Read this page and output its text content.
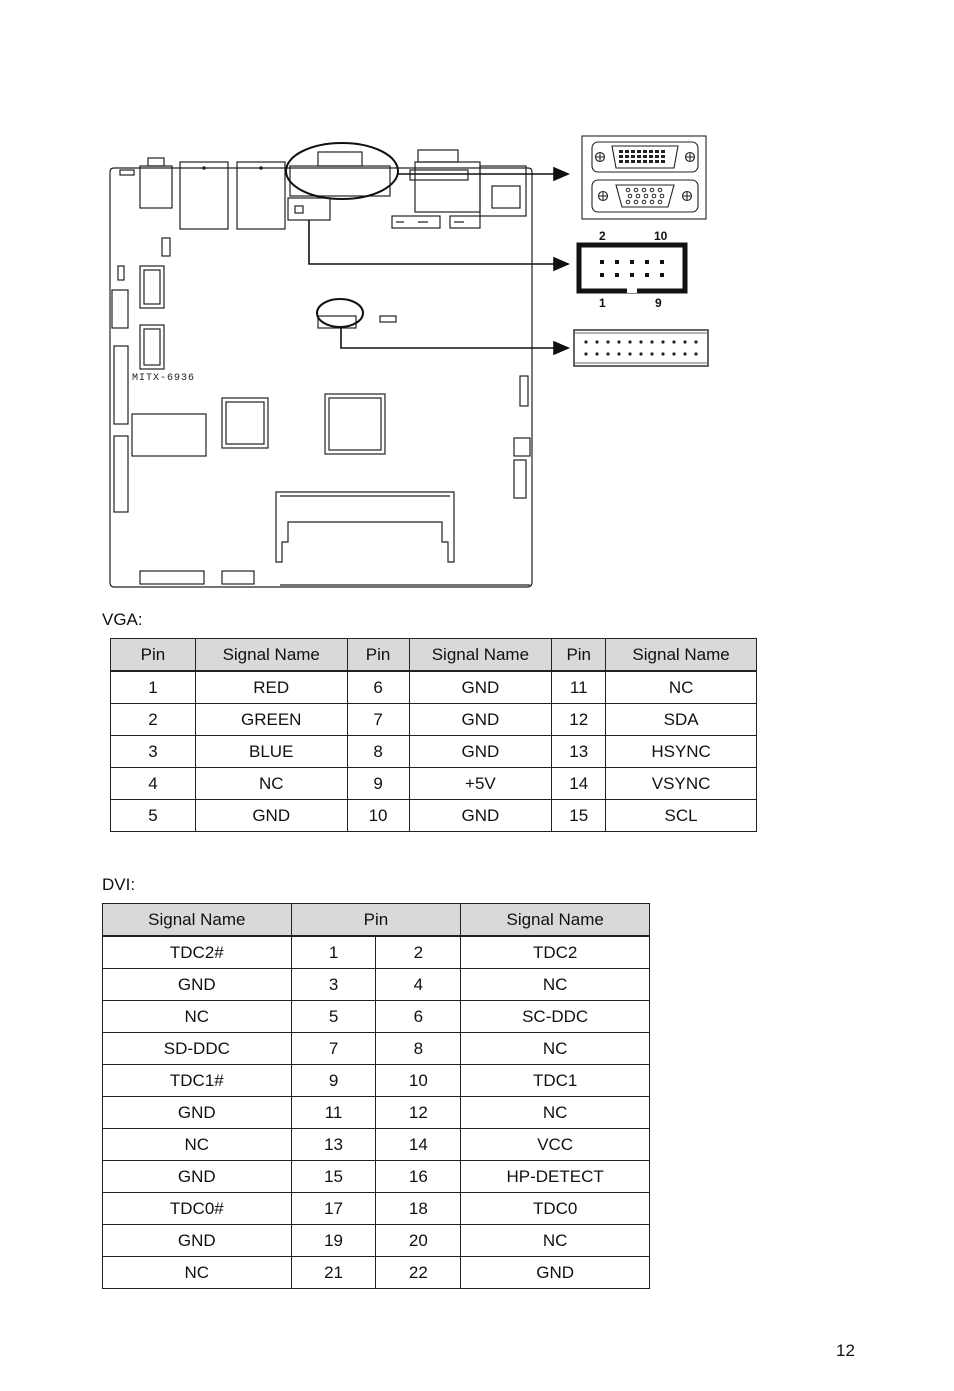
MITX-6936
2	10
1	9
VGA:
Pin	Signal Name	Pin	Signal Name	Pin	Signal Name
1	RED	6	GND	11	NC
2	GREEN	7	GND	12	SDA
3	BLUE	8	GND	13	HSYNC
4	NC	9	+5V	14	VSYNC
5	GND	10	GND	15	SCL
DVI:
Signal Name	Pin		Signal Name
TDC2#	1	2	TDC2
GND	3	4	NC
NC	5	6	SC-DDC
SD-DDC	7	8	NC
TDC1#	9	10	TDC1
GND	11	12	NC
NC	13	14	VCC
GND	15	16	HP-DETECT
TDC0#	17	18	TDC0
GND	19	20	NC
NC	21	22	GND
12
